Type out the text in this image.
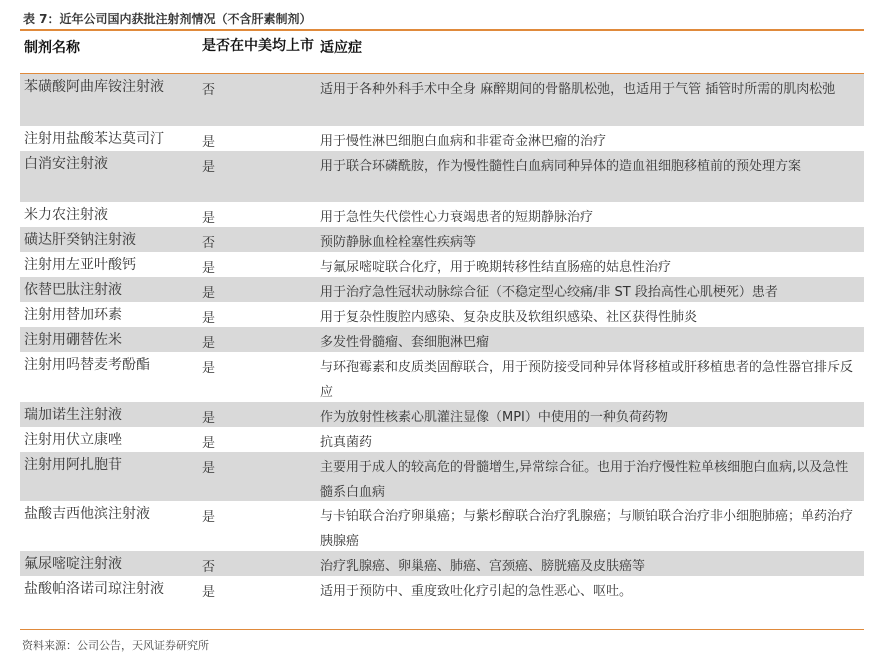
表 7：近年公司国内获批注射剂情况（不含肝素制剂）
制剂名称	是否在中美均上市 适应症
苯磺酸阿曲库铵注射液	否	适用于各种外科手术中全身 麻醉期间的骨骼肌松弛，也适用于气管 插管时所需的肌肉松弛
注射用盐酸苯达莫司汀	是	用于慢性淋巴细胞白血病和非霍奇金淋巴瘤的治疗
白消安注射液	是	用于联合环磷酰胺，作为慢性髓性白血病同种异体的造血祖细胞移植前的预处理方案
米力农注射液	是	用于急性失代偿性心力衰竭患者的短期静脉治疗
磺达肝癸钠注射液	否	预防静脉血栓栓塞性疾病等
注射用左亚叶酸钙	是	与氟尿嘧啶联合化疗，用于晚期转移性结直肠癌的姑息性治疗
依替巴肽注射液	是	用于治疗急性冠状动脉综合征（不稳定型心绞痛/非 ST 段抬高性心肌梗死）患者
注射用替加环素	是	用于复杂性腹腔内感染、复杂皮肤及软组织感染、社区获得性肺炎
注射用硼替佐米	是	多发性骨髓瘤、套细胞淋巴瘤
注射用吗替麦考酚酯	是	与环孢霉素和皮质类固醇联合，用于预防接受同种异体肾移植或肝移植患者的急性器官排斥反应
瑞加诺生注射液	是	作为放射性核素心肌灌注显像（MPI）中使用的一种负荷药物
注射用伏立康唑	是	抗真菌药
注射用阿扎胞苷	是	主要用于成人的较高危的骨髓增生,异常综合征。也用于治疗慢性粒单核细胞白血病,以及急性髓系白血病
盐酸吉西他滨注射液	是	与卡铂联合治疗卵巢癌；与紫杉醇联合治疗乳腺癌；与顺铂联合治疗非小细胞肺癌；单药治疗胰腺癌
氟尿嘧啶注射液	否	治疗乳腺癌、卵巢癌、肺癌、宫颈癌、膀胱癌及皮肤癌等
盐酸帕洛诺司琼注射液	是	适用于预防中、重度致吐化疗引起的急性恶心、呕吐。
资料来源：公司公告，天风证券研究所
